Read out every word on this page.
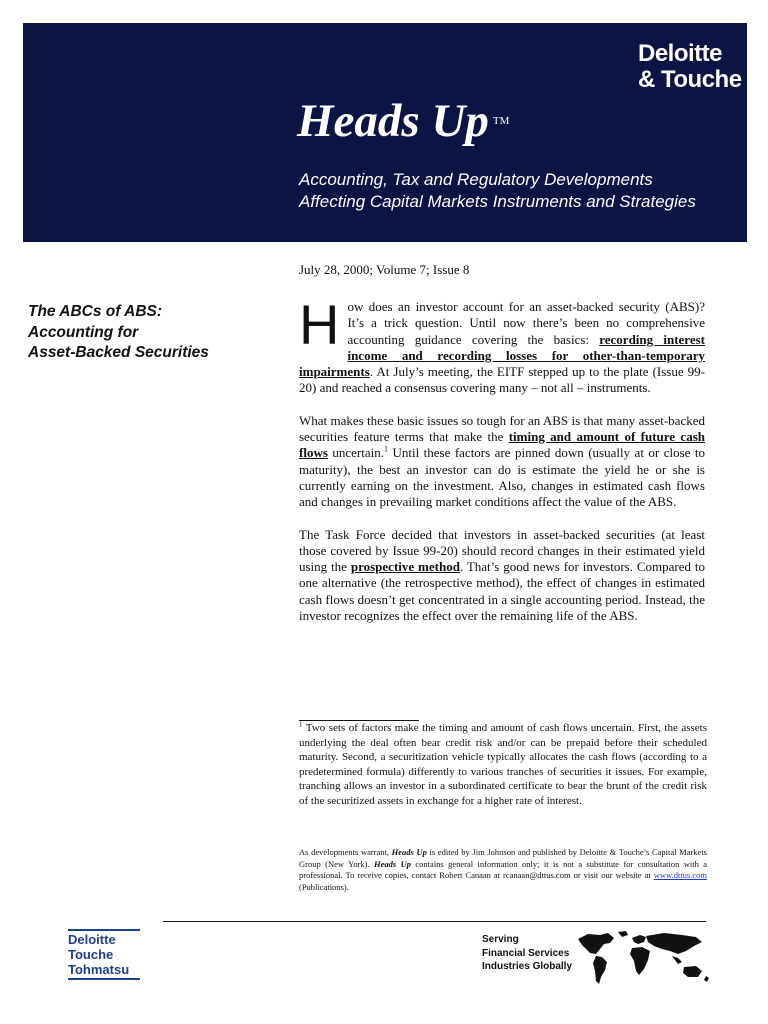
Deloitte
& Touche
Heads Up ™
Accounting, Tax and Regulatory Developments
Affecting Capital Markets Instruments and Strategies
July 28, 2000; Volume 7; Issue 8
The ABCs of ABS:
Accounting for
Asset-Backed Securities	How does an investor account for an asset-backed security (ABS)? It’s a trick question. Until now there’s been no comprehensive accounting guidance covering the basics: recording interest income and recording losses for other-than-temporary impairments. At July’s meeting, the EITF stepped up to the plate (Issue 99-20) and reached a consensus covering many – not all – instruments.

What makes these basic issues so tough for an ABS is that many asset-backed securities feature terms that make the timing and amount of future cash flows uncertain.$^1$ Until these factors are pinned down (usually at or close to maturity), the best an investor can do is estimate the yield he or she is currently earning on the investment. Also, changes in estimated cash flows and changes in prevailing market conditions affect the value of the ABS.

The Task Force decided that investors in asset-backed securities (at least those covered by Issue 99-20) should record changes in their estimated yield using the prospective method. That’s good news for investors. Compared to one alternative (the retrospective method), the effect of changes in estimated cash flows doesn’t get concentrated in a single accounting period. Instead, the investor recognizes the effect over the remaining life of the ABS.

$^1$ Two sets of factors make the timing and amount of cash flows uncertain. First, the assets underlying the deal often bear credit risk and/or can be prepaid before their scheduled maturity. Second, a securitization vehicle typically allocates the cash flows (according to a predetermined formula) differently to various tranches of securities it issues. For example, tranching allows an investor in a subordinated certificate to bear the brunt of the credit risk of the securitized assets in exchange for a higher rate of interest.
As developments warrant, Heads Up is edited by Jim Johnson and published by Deloitte & Touche’s Capital Markets Group (New York). Heads Up contains general information only; it is not a substitute for consultation with a professional. To receive copies, contact Robert Canaan at rcanaan@dttus.com or visit our website at www.dttus.com (Publications).
Deloitte
Touche
Tohmatsu
Serving
Financial Services
Industries Globally
